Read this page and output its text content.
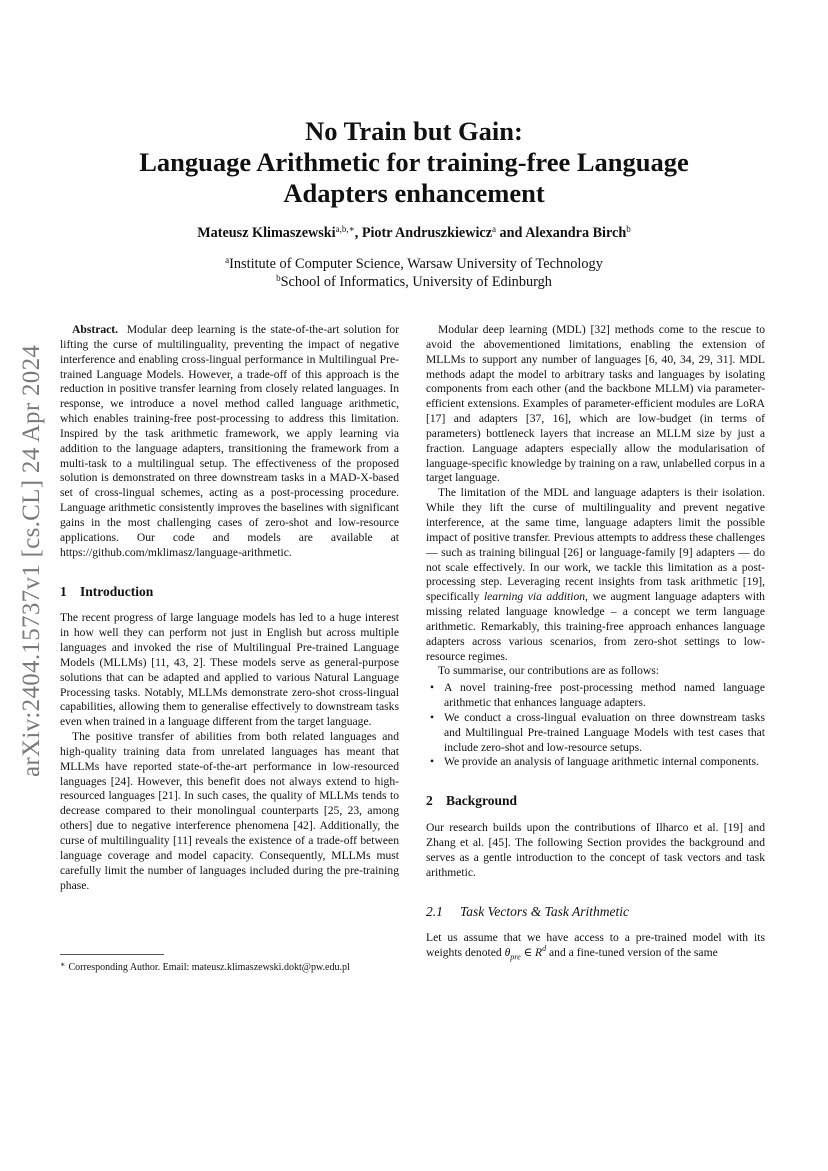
arXiv:2404.15737v1 [cs.CL] 24 Apr 2024
No Train but Gain:
Language Arithmetic for training-free Language
Adapters enhancement
Mateusz Klimaszewski$^{a,b,∗}$, Piotr Andruszkiewicz$^a$ and Alexandra Birch$^b$
$^a$Institute of Computer Science, Warsaw University of Technology
$^b$School of Informatics, University of Edinburgh

Abstract. Modular deep learning is the state-of-the-art solution for lifting the curse of multilinguality, preventing the impact of negative interference and enabling cross-lingual performance in Multilingual Pre-trained Language Models. However, a trade-off of this approach is the reduction in positive transfer learning from closely related languages. In response, we introduce a novel method called language arithmetic, which enables training-free post-processing to address this limitation. Inspired by the task arithmetic framework, we apply learning via addition to the language adapters, transitioning the framework from a multi-task to a multilingual setup. The effectiveness of the proposed solution is demonstrated on three downstream tasks in a MAD-X-based set of cross-lingual schemes, acting as a post-processing procedure. Language arithmetic consistently improves the baselines with significant gains in the most challenging cases of zero-shot and low-resource applications. Our code and models are available at https://github.com/mklimasz/language-arithmetic.

1 Introduction

The recent progress of large language models has led to a huge interest in how well they can perform not just in English but across multiple languages and invoked the rise of Multilingual Pre-trained Language Models (MLLMs) [11, 43, 2]. These models serve as general-purpose solutions that can be adapted and applied to various Natural Language Processing tasks. Notably, MLLMs demonstrate zero-shot cross-lingual capabilities, allowing them to generalise effectively to downstream tasks even when trained in a language different from the target language.

The positive transfer of abilities from both related languages and high-quality training data from unrelated languages has meant that MLLMs have reported state-of-the-art performance in low-resourced languages [24]. However, this benefit does not always extend to high-resourced languages [21]. In such cases, the quality of MLLMs tends to decrease compared to their monolingual counterparts [25, 23, among others] due to negative interference phenomena [42]. Additionally, the curse of multilinguality [11] reveals the existence of a trade-off between language coverage and model capacity. Consequently, MLLMs must carefully limit the number of languages included during the pre-training phase.

∗ Corresponding Author. Email: mateusz.klimaszewski.dokt@pw.edu.pl

Modular deep learning (MDL) [32] methods come to the rescue to avoid the abovementioned limitations, enabling the extension of MLLMs to support any number of languages [6, 40, 34, 29, 31]. MDL methods adapt the model to arbitrary tasks and languages by isolating components from each other (and the backbone MLLM) via parameter-efficient extensions. Examples of parameter-efficient modules are LoRA [17] and adapters [37, 16], which are low-budget (in terms of parameters) bottleneck layers that increase an MLLM size by just a fraction. Language adapters especially allow the modularisation of language-specific knowledge by training on a raw, unlabelled corpus in a target language.

The limitation of the MDL and language adapters is their isolation. While they lift the curse of multilinguality and prevent negative interference, at the same time, language adapters limit the possible impact of positive transfer. Previous attempts to address these challenges — such as training bilingual [26] or language-family [9] adapters — do not scale effectively. In our work, we tackle this limitation as a post-processing step. Leveraging recent insights from task arithmetic [19], specifically learning via addition, we augment language adapters with missing related language knowledge – a concept we term language arithmetic. Remarkably, this training-free approach enhances language adapters across various scenarios, from zero-shot settings to low-resource regimes.

To summarise, our contributions are as follows:

• A novel training-free post-processing method named language arithmetic that enhances language adapters.
• We conduct a cross-lingual evaluation on three downstream tasks and Multilingual Pre-trained Language Models with test cases that include zero-shot and low-resource setups.
• We provide an analysis of language arithmetic internal components.

2 Background

Our research builds upon the contributions of Ilharco et al. [19] and Zhang et al. [45]. The following Section provides the background and serves as a gentle introduction to the concept of task vectors and task arithmetic.

2.1 Task Vectors & Task Arithmetic

Let us assume that we have access to a pre-trained model with its weights denoted $\theta_{pre}$ ∈ $R^d$ and a fine-tuned version of the same
